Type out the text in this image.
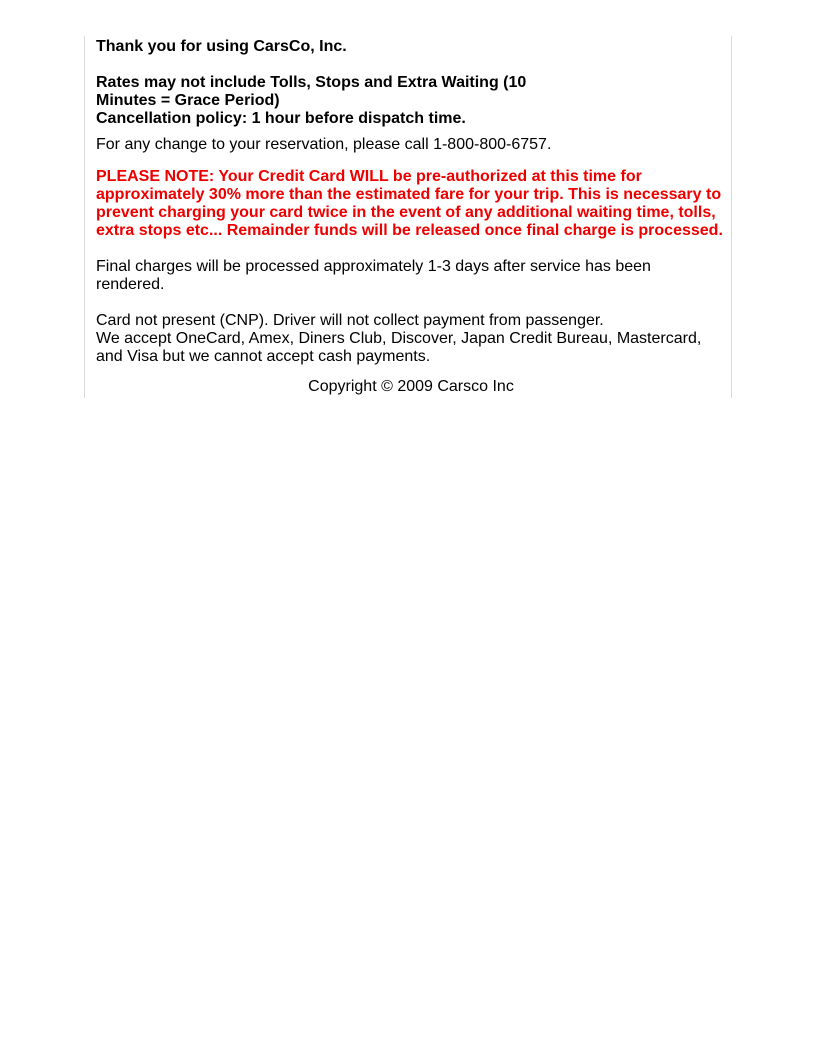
Thank you for using CarsCo, Inc.

Rates may not include Tolls, Stops and Extra Waiting (10 Minutes = Grace Period)

Cancellation policy: 1 hour before dispatch time.

For any change to your reservation, please call 1-800-800-6757.

PLEASE NOTE: Your Credit Card WILL be pre-authorized at this time for approximately 30% more than the estimated fare for your trip. This is necessary to prevent charging your card twice in the event of any additional waiting time, tolls, extra stops etc... Remainder funds will be released once final charge is processed.

Final charges will be processed approximately 1-3 days after service has been rendered.

Card not present (CNP). Driver will not collect payment from passenger.
We accept OneCard, Amex, Diners Club, Discover, Japan Credit Bureau, Mastercard, and Visa but we cannot accept cash payments.
Copyright © 2009 Carsco Inc
